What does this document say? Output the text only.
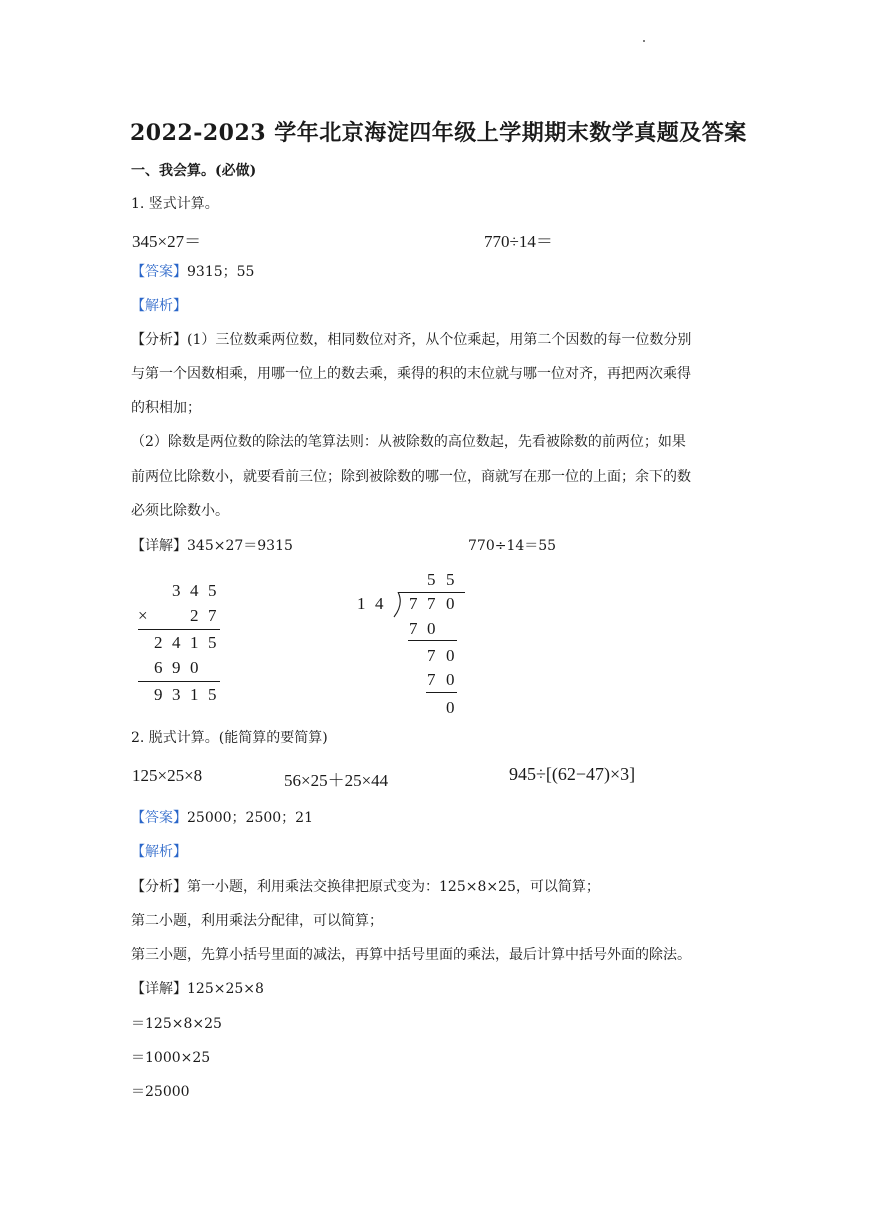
2022-2023 学年北京海淀四年级上学期期末数学真题及答案
一、我会算。(必做)
1. 竖式计算。
345×27＝	770÷14＝
【答案】9315；55
【解析】
【分析】(1）三位数乘两位数，相同数位对齐，从个位乘起，用第二个因数的每一位数分别
与第一个因数相乘，用哪一位上的数去乘，乘得的积的末位就与哪一位对齐，再把两次乘得
的积相加；
（2）除数是两位数的除法的笔算法则：从被除数的高位数起，先看被除数的前两位；如果
前两位比除数小，就要看前三位；除到被除数的哪一位，商就写在那一位的上面；余下的数
必须比除数小。
【详解】345×27＝9315	770÷14＝55
3 4 5
× 2 7
2 4 1 5
6 9 0
9 3 1 5
5 5
1 4 7 7 0
7 0
7 0
7 0
0
2. 脱式计算。(能简算的要简算)
125×25×8	56×25＋25×44	945÷[(62−47)×3]
【答案】25000；2500；21
【解析】
【分析】第一小题，利用乘法交换律把原式变为：125×8×25，可以简算；
第二小题，利用乘法分配律，可以简算；
第三小题，先算小括号里面的减法，再算中括号里面的乘法，最后计算中括号外面的除法。
【详解】125×25×8
＝125×8×25
＝1000×25
＝25000
